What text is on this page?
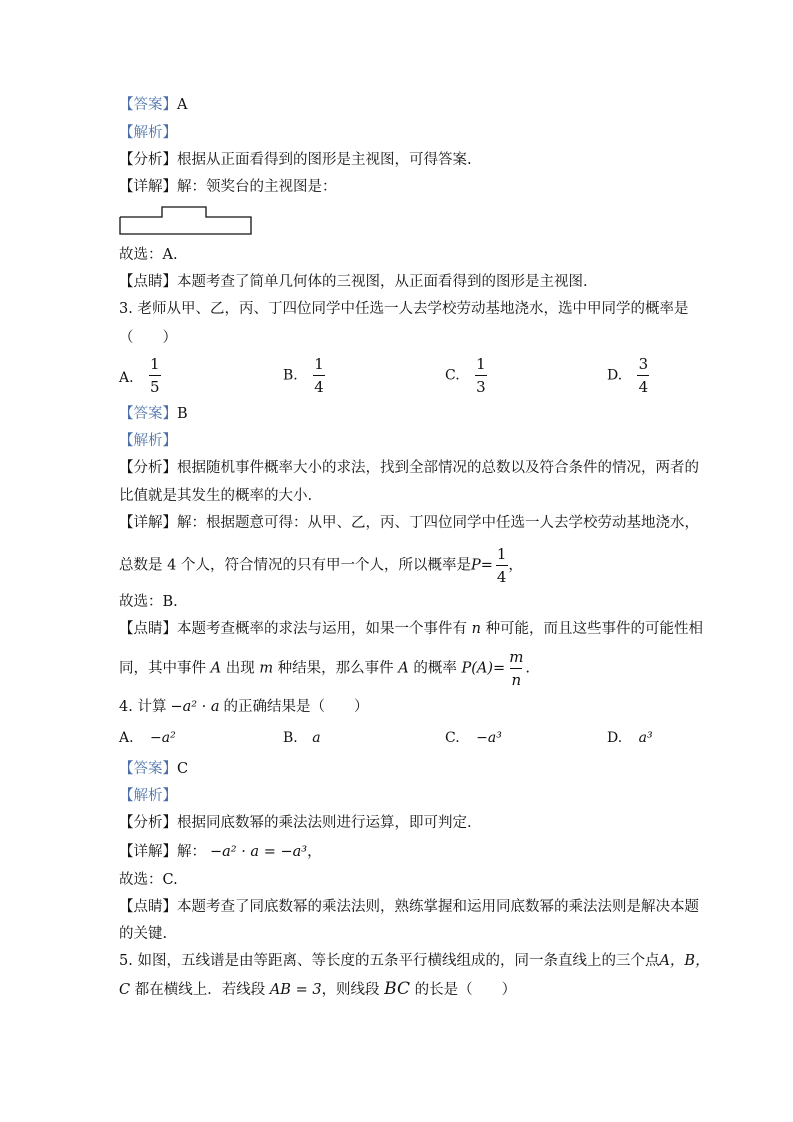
【答案】A
【解析】
【分析】根据从正面看得到的图形是主视图，可得答案.
【详解】解：领奖台的主视图是：
故选：A.
【点睛】本题考查了简单几何体的三视图，从正面看得到的图形是主视图.
3. 老师从甲、乙，丙、丁四位同学中任选一人去学校劳动基地浇水，选中甲同学的概率是
（　　）
A. $\frac{1}{5}$	B. $\frac{1}{4}$	C. $\frac{1}{3}$	D. $\frac{3}{4}$
【答案】B
【解析】
【分析】根据随机事件概率大小的求法，找到全部情况的总数以及符合条件的情况，两者的
比值就是其发生的概率的大小.
【详解】解：根据题意可得：从甲、乙，丙、丁四位同学中任选一人去学校劳动基地浇水，
总数是 4 个人，符合情况的只有甲一个人，所以概率是$P= \frac{1}{4}$ ，
故选：B.
【点睛】本题考查概率的求法与运用，如果一个事件有 n 种可能，而且这些事件的可能性相
同，其中事件 A 出现 m 种结果，那么事件 A 的概率 $P(A)= \frac{m}{n}$ .
4. 计算 −a² · a 的正确结果是（　　）
A. −a²	B. a	C. −a³	D. a³
【答案】C
【解析】
【分析】根据同底数幂的乘法法则进行运算，即可判定.
【详解】解： −a² · a = −a³，
故选：C.
【点睛】本题考查了同底数幂的乘法法则，熟练掌握和运用同底数幂的乘法法则是解决本题
的关键.
5. 如图，五线谱是由等距离、等长度的五条平行横线组成的，同一条直线上的三个点A，B，
C 都在横线上．若线段 AB = 3，则线段 BC 的长是（　　）
